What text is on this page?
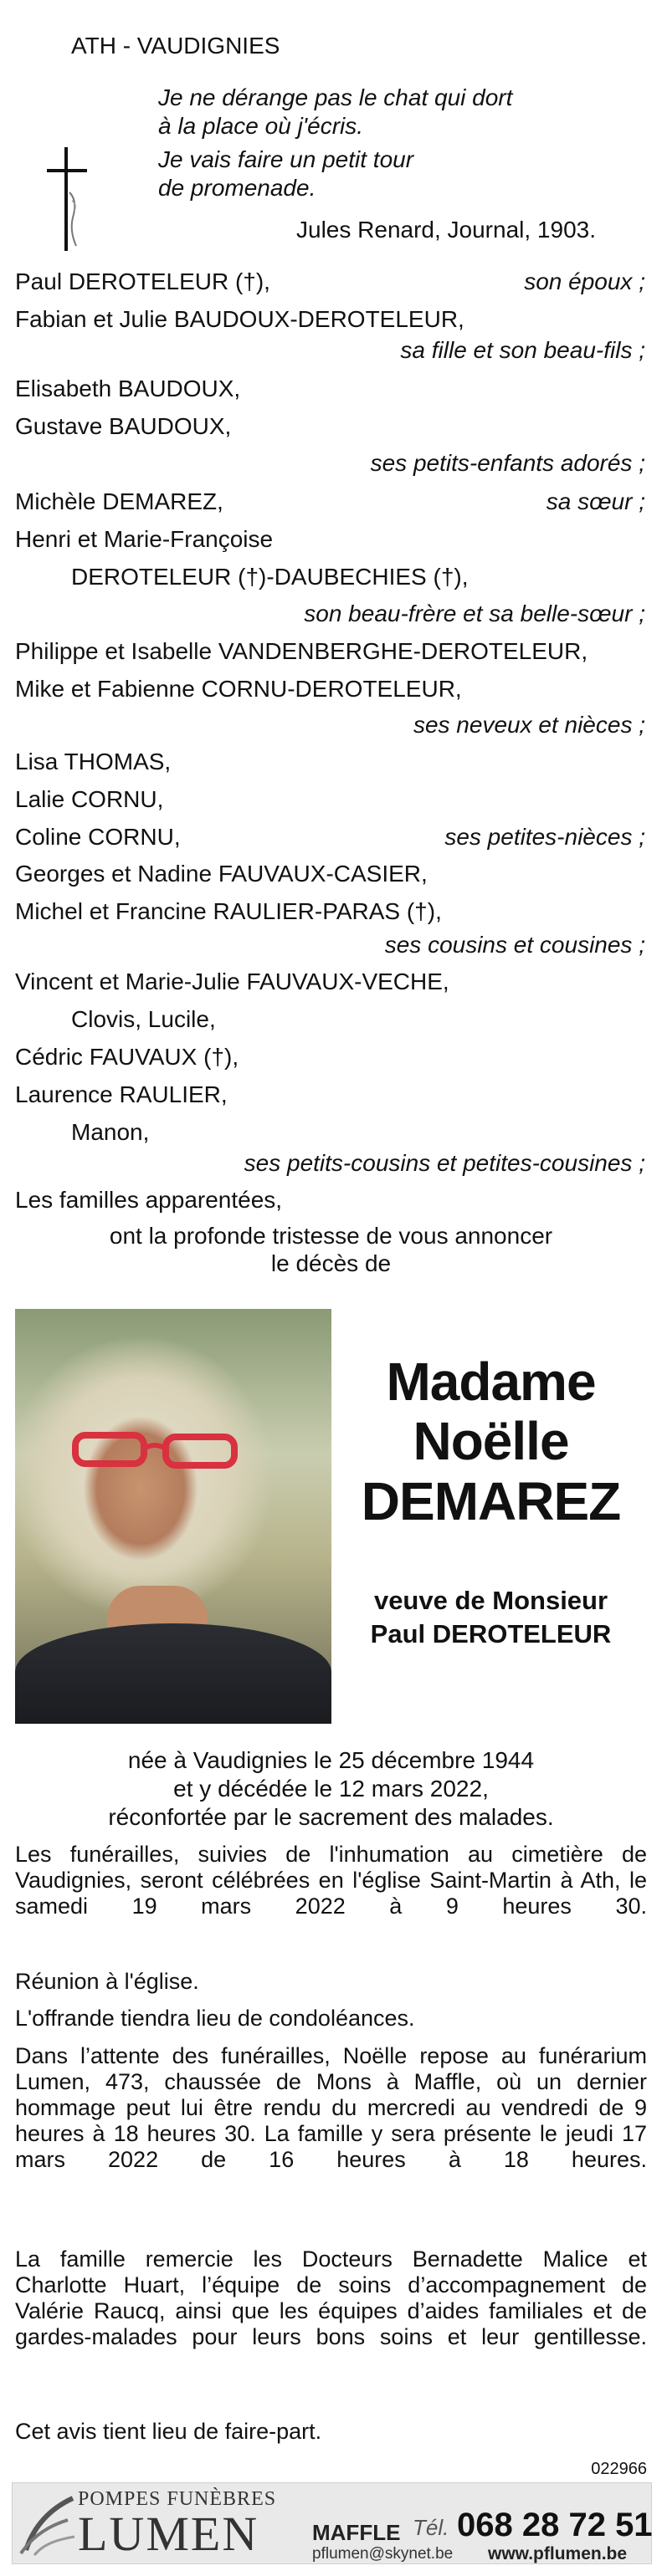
ATH - VAUDIGNIES

Je ne dérange pas le chat qui dort

à la place où j'écris.

Je vais faire un petit tour

de promenade.

Jules Renard, Journal, 1903.

Paul DEROTELEUR (†),	son époux ;

Fabian et Julie BAUDOUX-DEROTELEUR,

sa fille et son beau-fils ;

Elisabeth BAUDOUX,

Gustave BAUDOUX,

ses petits-enfants adorés ;

Michèle DEMAREZ,	sa sœur ;

Henri et Marie-Françoise

DEROTELEUR (†)-DAUBECHIES (†),

son beau-frère et sa belle-sœur ;

Philippe et Isabelle VANDENBERGHE-DEROTELEUR,

Mike et Fabienne CORNU-DEROTELEUR,

ses neveux et nièces ;

Lisa THOMAS,

Lalie CORNU,

Coline CORNU,	ses petites-nièces ;

Georges et Nadine FAUVAUX-CASIER,

Michel et Francine RAULIER-PARAS (†),

ses cousins et cousines ;

Vincent et Marie-Julie FAUVAUX-VECHE,

Clovis, Lucile,

Cédric FAUVAUX (†),

Laurence RAULIER,

Manon,

ses petits-cousins et petites-cousines ;

Les familles apparentées,

ont la profonde tristesse de vous annoncer

le décès de

Madame

Noëlle

DEMAREZ

veuve de Monsieur

Paul DEROTELEUR

née à Vaudignies le 25 décembre 1944

et y décédée le 12 mars 2022,

réconfortée par le sacrement des malades.

Les funérailles, suivies de l'inhumation au cimetière de Vaudignies, seront célébrées en l'église Saint-Martin à Ath, le samedi 19 mars 2022 à 9 heures 30.

Réunion à l'église.

L'offrande tiendra lieu de condoléances.

Dans l’attente des funérailles, Noëlle repose au funérarium Lumen, 473, chaussée de Mons à Maffle, où un dernier hommage peut lui être rendu du mercredi au vendredi de 9 heures à 18 heures 30. La famille y sera présente le jeudi 17 mars 2022 de 16 heures à 18 heures.

La famille remercie les Docteurs Bernadette Malice et Charlotte Huart, l’équipe de soins d’accompagnement de Valérie Raucq, ainsi que les équipes d’aides familiales et de gardes-malades pour leurs bons soins et leur gentillesse.

Cet avis tient lieu de faire-part.

022966

POMPES FUNÈBRES

LUMEN MAFFLE Tél. 068 28 72 51

pflumen@skynet.be www.pflumen.be
